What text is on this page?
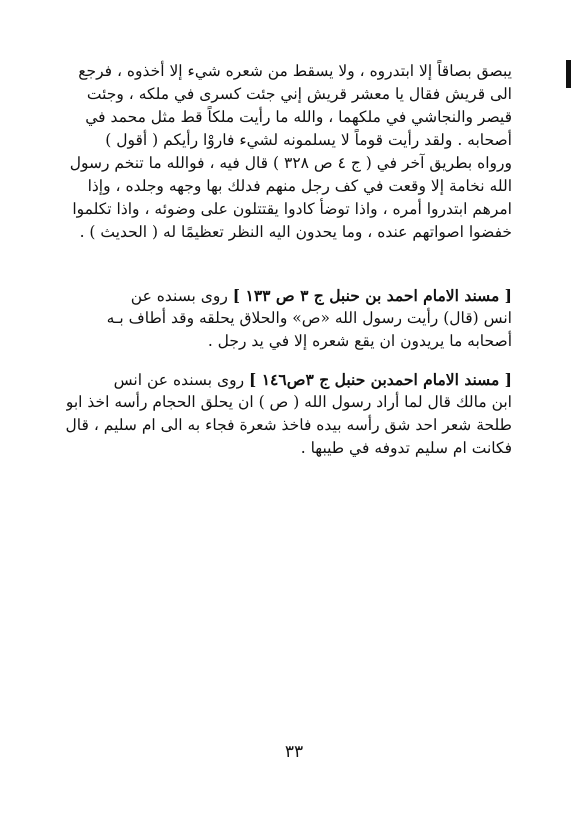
يبصق بصاقاً إلا ابتدروه ، ولا يسقط من شعره شيء إلا أخذوه ، فرجع
الى قريش فقال يا معشر قريش إني جئت كسرى في ملكه ، وجئت
قيصر والنجاشي في ملكهما ، والله ما رأيت ملكاً قط مثل محمد في
أصحابه . ولقد رأيت قوماً لا يسلمونه لشيء فاروْا رأيكم ( أقول )
ورواه بطريق آخر في ( ج ٤ ص ٣٢٨ ) قال فيه ، فوالله ما تنخم رسول
الله نخامة إلا وقعت في كف رجل منهم فدلك بها وجهه وجلده ، وإذا
امرهم ابتدروا أمره ، واذا توضأ كادوا يقتتلون على وضوئه ، واذا تكلموا
خفضوا اصواتهم عنده ، وما يحدون اليه النظر تعظيمًا له ( الحديث ) .
[ مسند الامام احمد بن حنبل ج ٣ ص ١٣٣ ] روى بسنده عن
انس (قال) رأيت رسول الله «ص» والحلاق يحلقه وقد أطاف بـه
أصحابه ما يريدون ان يقع شعره إلا في يد رجل .
[ مسند الامام احمدبن حنبل ج ٣ص١٤٦ ] روى بسنده عن انس
ابن مالك قال لما أراد رسول الله ( ص ) ان يحلق الحجام رأسه اخذ ابو
طلحة شعر احد شق رأسه بيده فاخذ شعرة فجاء به الى ام سليم ، قال
فكانت ام سليم تدوفه في طيبها .
٣٣
